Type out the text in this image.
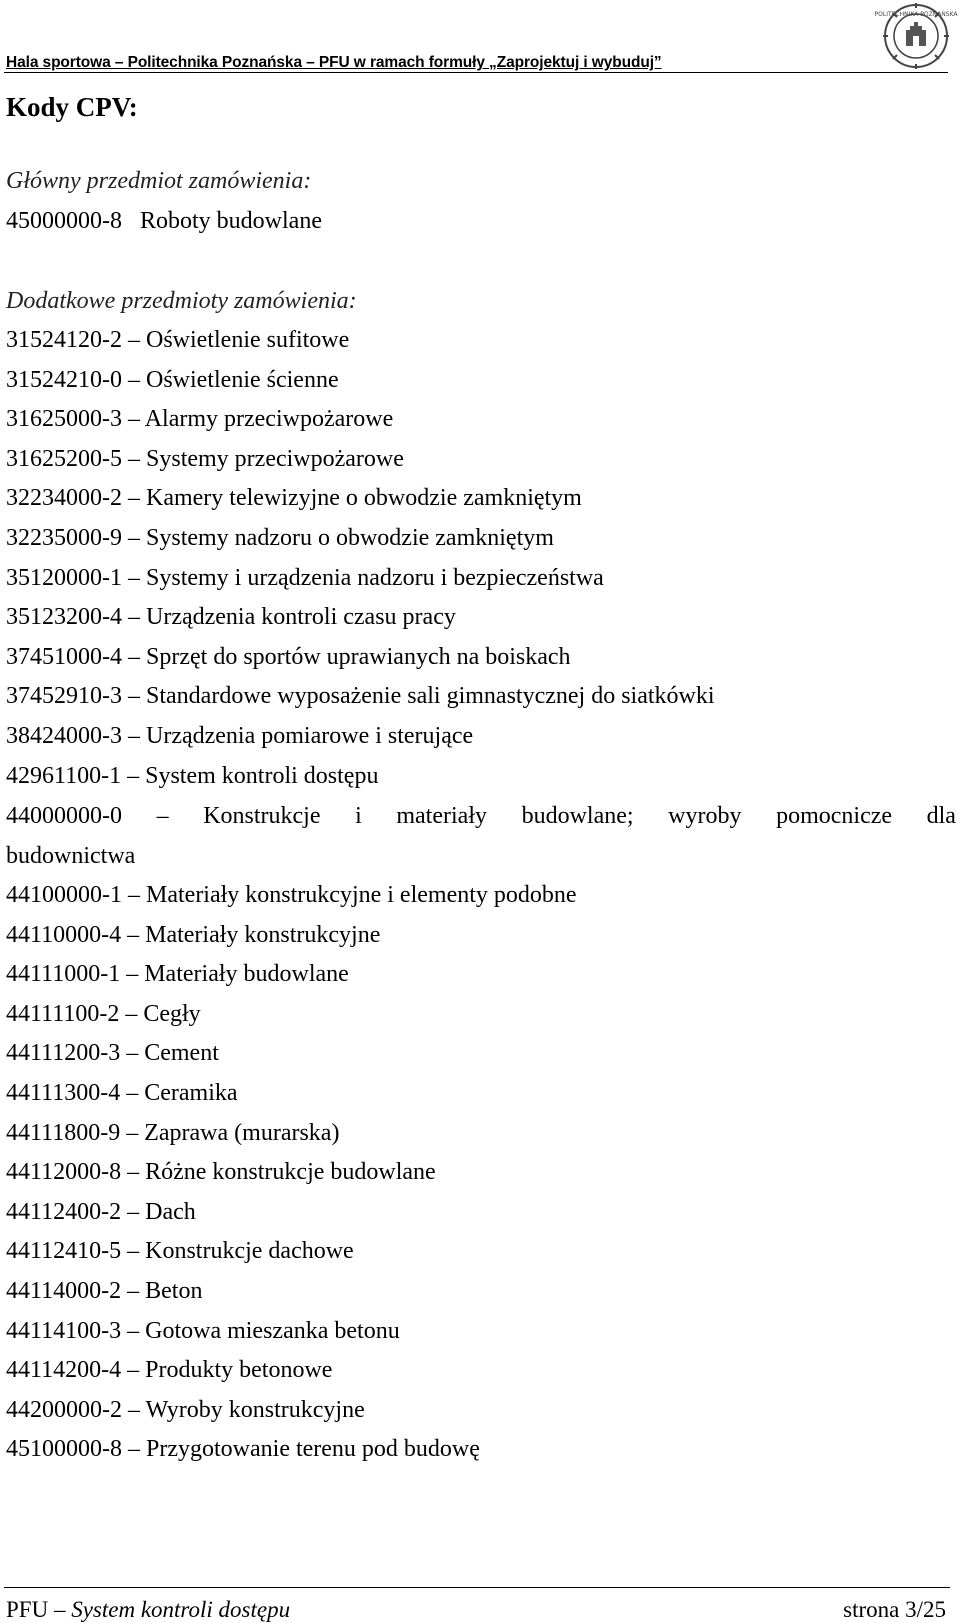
Hala sportowa – Politechnika Poznańska – PFU w ramach formuły „Zaprojektuj i wybuduj”
POLITECHNIKA POZNAŃSKA
Kody CPV:
Główny przedmiot zamówienia:
45000000-8 Roboty budowlane
Dodatkowe przedmioty zamówienia:
31524120-2 – Oświetlenie sufitowe
31524210-0 – Oświetlenie ścienne
31625000-3 – Alarmy przeciwpożarowe
31625200-5 – Systemy przeciwpożarowe
32234000-2 – Kamery telewizyjne o obwodzie zamkniętym
32235000-9 – Systemy nadzoru o obwodzie zamkniętym
35120000-1 – Systemy i urządzenia nadzoru i bezpieczeństwa
35123200-4 – Urządzenia kontroli czasu pracy
37451000-4 – Sprzęt do sportów uprawianych na boiskach
37452910-3 – Standardowe wyposażenie sali gimnastycznej do siatkówki
38424000-3 – Urządzenia pomiarowe i sterujące
42961100-1 – System kontroli dostępu
44000000-0 – Konstrukcje i materiały budowlane; wyroby pomocnicze dla
budownictwa
44100000-1 – Materiały konstrukcyjne i elementy podobne
44110000-4 – Materiały konstrukcyjne
44111000-1 – Materiały budowlane
44111100-2 – Cegły
44111200-3 – Cement
44111300-4 – Ceramika
44111800-9 – Zaprawa (murarska)
44112000-8 – Różne konstrukcje budowlane
44112400-2 – Dach
44112410-5 – Konstrukcje dachowe
44114000-2 – Beton
44114100-3 – Gotowa mieszanka betonu
44114200-4 – Produkty betonowe
44200000-2 – Wyroby konstrukcyjne
45100000-8 – Przygotowanie terenu pod budowę
PFU – System kontroli dostępu	strona 3/25
